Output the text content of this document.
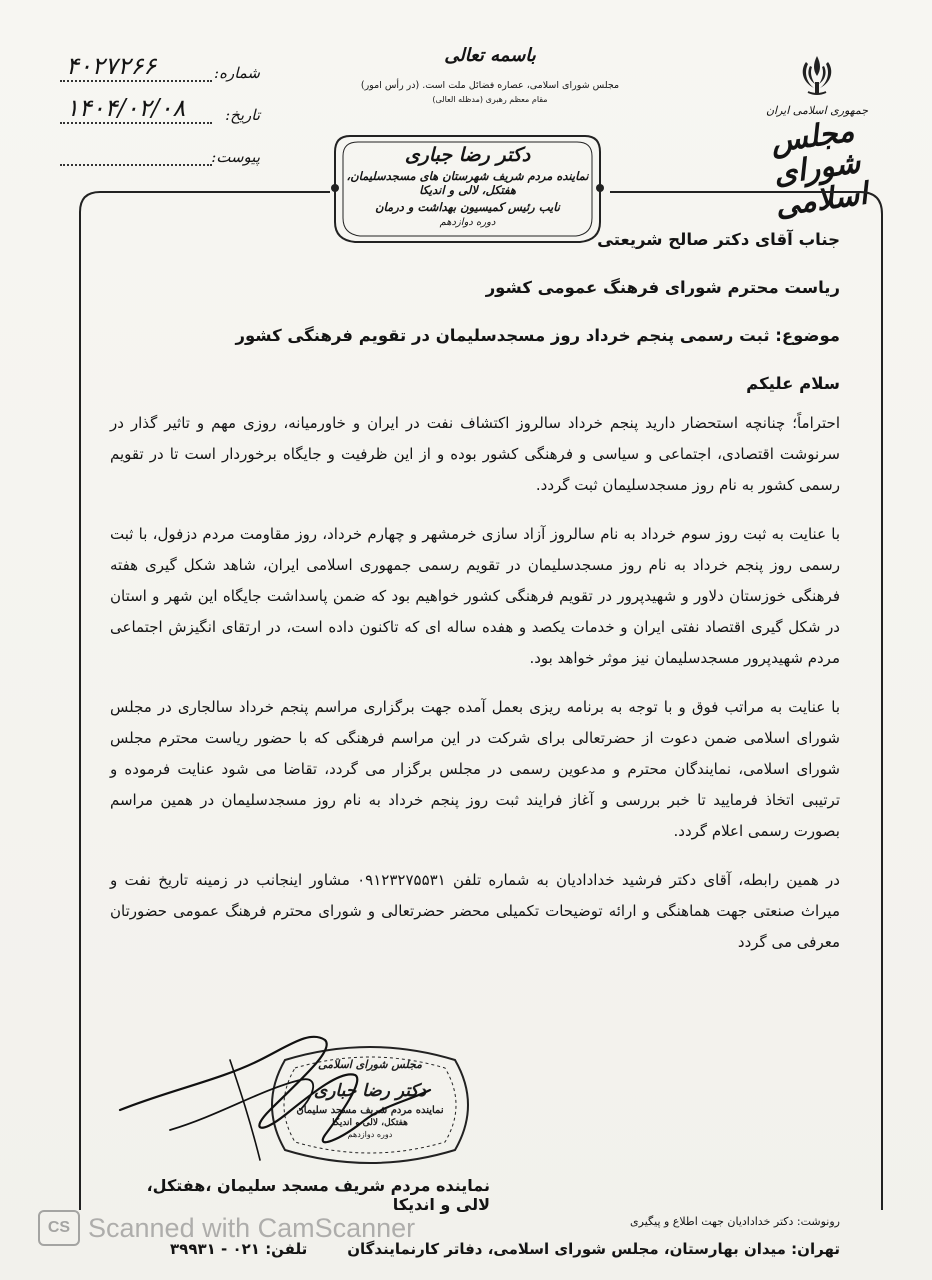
شماره:
۴۰۲۷۲۶۶
تاریخ:
۱۴۰۴/۰۲/۰۸
پیوست:
جمهوری اسلامی ایران
مجلس شورای اسلامی
باسمه تعالی
مجلس شورای اسلامی، عصاره فضائل ملت است. (در رأس امور)
مقام معظم رهبری (مدظله العالی)
دکتر رضا جباری
نماینده مردم شریف شهرستان های مسجدسلیمان، هفتکل، لالی و اندیکا
نایب رئیس کمیسیون بهداشت و درمان
دوره دوازدهم
جناب آقای دکتر صالح شریعتی
ریاست محترم شورای فرهنگ عمومی کشور
موضوع: ثبت رسمی پنجم خرداد روز مسجدسلیمان در تقویم فرهنگی کشور
سلام علیکم

احتراماً؛ چنانچه استحضار دارید پنجم خرداد سالروز اکتشاف نفت در ایران و خاورمیانه، روزی مهم و تاثیر گذار در سرنوشت اقتصادی، اجتماعی و سیاسی و فرهنگی کشور بوده و از این ظرفیت و جایگاه برخوردار است تا در تقویم رسمی کشور به نام روز مسجدسلیمان ثبت گردد.

با عنایت به ثبت روز سوم خرداد به نام سالروز آزاد سازی خرمشهر و چهارم خرداد، روز مقاومت مردم دزفول، با ثبت رسمی روز پنجم خرداد به نام روز مسجدسلیمان در تقویم رسمی جمهوری اسلامی ایران، شاهد شکل گیری هفته فرهنگی خوزستان دلاور و شهیدپرور در تقویم فرهنگی کشور خواهیم بود که ضمن پاسداشت جایگاه این شهر و استان در شکل گیری اقتصاد نفتی ایران و خدمات یکصد و هفده ساله ای که تاکنون داده است، در ارتقای انگیزش اجتماعی مردم شهیدپرور مسجدسلیمان نیز موثر خواهد بود.

با عنایت به مراتب فوق و با توجه به برنامه ریزی بعمل آمده جهت برگزاری مراسم پنجم خرداد سالجاری در مجلس شورای اسلامی ضمن دعوت از حضرتعالی برای شرکت در این مراسم فرهنگی که با حضور ریاست محترم مجلس شورای اسلامی، نمایندگان محترم و مدعوین رسمی در مجلس برگزار می گردد، تقاضا می شود عنایت فرموده و ترتیبی اتخاذ فرمایید تا خبر بررسی و آغاز فرایند ثبت روز پنجم خرداد به نام روز مسجدسلیمان در همین مراسم بصورت رسمی اعلام گردد.

در همین رابطه، آقای دکتر فرشید خدادادیان به شماره تلفن ۰۹۱۲۳۲۷۵۵۳۱ مشاور اینجانب در زمینه تاریخ نفت و میراث صنعتی جهت هماهنگی و ارائه توضیحات تکمیلی محضر حضرتعالی و شورای محترم فرهنگ عمومی حضورتان معرفی می گردد

مجلس شورای اسلامی
دکتر رضا جباری
نماینده مردم شریف مسجد سلیمان
هفتکل، لالی و اندیکا
دوره دوازدهم
نماینده مردم شریف مسجد سلیمان ،هفتکل، لالی و اندیکا
CS Scanned with CamScanner	رونوشت: دکتر خدادادیان جهت اطلاع و پیگیری
تهران: میدان بهارستان، مجلس شورای اسلامی، دفاتر کارنمایندگان
تلفن: ۳۹۹۳۱ - ۰۲۱
